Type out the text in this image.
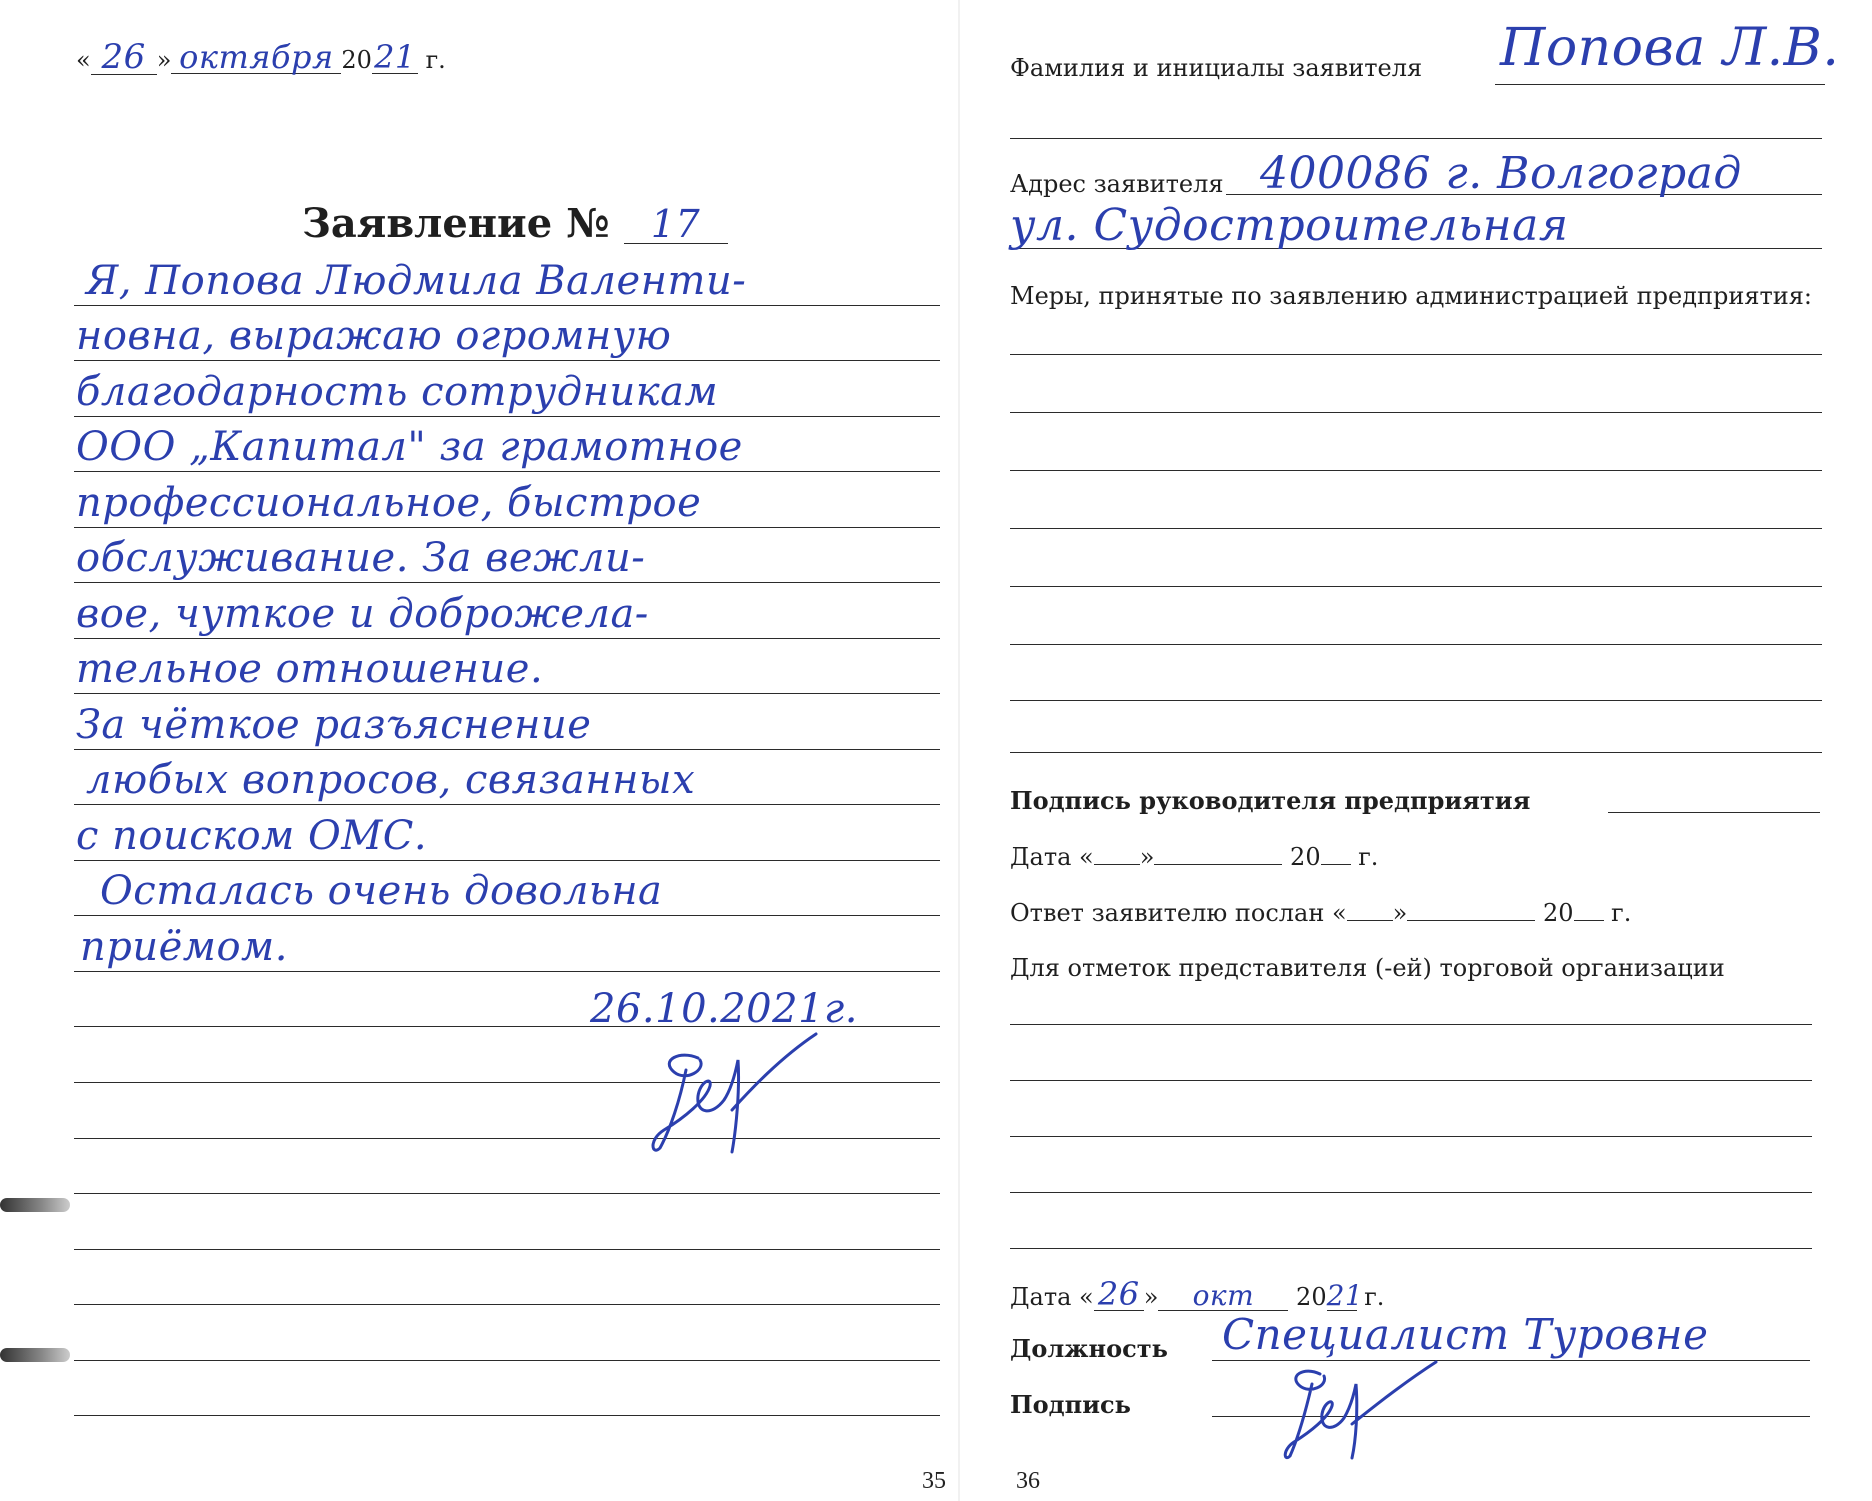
« 26 » октября 2021 г.
Заявление № 17
Я, Попова Людмила Валенти-
новна, выражаю огромную
благодарность сотрудникам
ООО „Капитал" за грамотное
профессиональное, быстрое
обслуживание. За вежли-
вое, чуткое и доброжела-
тельное отношение.
За чёткое разъяснение
любых вопросов, связанных
с поиском ОМС.
Осталась очень довольна
приёмом.
26.10.2021г.
35
Фамилия и инициалы заявителя Попова Л.В.
Адрес заявителя 400086 г. Волгоград
ул. Судостроительная
Меры, принятые по заявлению администрацией предприятия:
Подпись руководителя предприятия
Дата « »	20 г.
Ответ заявителю послан « »	20 г.
Для отметок представителя (-ей) торговой организации
Дата « 26 » окт 2021 г.
Должность Специалист Туровне
Подпись
36
